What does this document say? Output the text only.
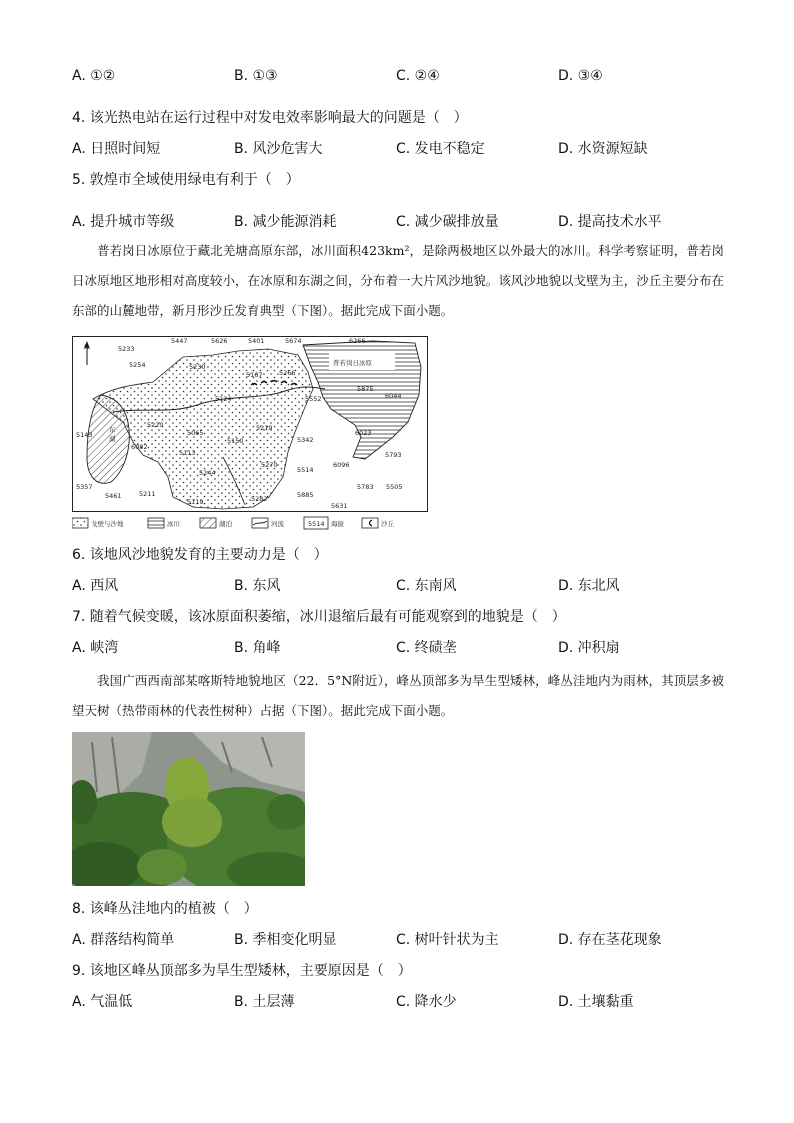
A. ①②	B. ①③	C. ②④	D. ③④
4. 该光热电站在运行过程中对发电效率影响最大的问题是（　）
A. 日照时间短	B. 风沙危害大	C. 发电不稳定	D. 水资源短缺
5. 敦煌市全域使用绿电有利于（　）
A. 提升城市等级	B. 减少能源消耗	C. 减少碳排放量	D. 提高技术水平
普若岗日冰原位于藏北羌塘高原东部，冰川面积423km²，是除两极地区以外最大的冰川。科学考察证明，普若岗日冰原地区地形相对高度较小，在冰原和东湖之间，分布着一大片风沙地貌。该风沙地貌以戈壁为主，沙丘主要分布在东部的山麓地带，新月形沙丘发育典型（下图）。据此完成下面小题。
N
东
湖
普若岗日冰原
5447	5626	5401	5674
5233
5254	5230
5167	5266
6266
5143
6082
5124	5552
5875
5220
5065
5219
5342
6044
5150
6023
5113	5793
5244
5270
5514
5357
5461	5211
5119	5282	5885
5783 5505
5631
6096
戈壁与沙地	冰川	湖泊	河流	5514 海拔	沙丘
6. 该地风沙地貌发育的主要动力是（　）
A. 西风	B. 东风	C. 东南风	D. 东北风
7. 随着气候变暖，该冰原面积萎缩，冰川退缩后最有可能观察到的地貌是（　）
A. 峡湾	B. 角峰	C. 终碛垄	D. 冲积扇
我国广西西南部某喀斯特地貌地区（22．5°N附近），峰丛顶部多为旱生型矮林，峰丛洼地内为雨林，其顶层多被望天树（热带雨林的代表性树种）占据（下图）。据此完成下面小题。
8. 该峰丛洼地内的植被（　）
A. 群落结构简单	B. 季相变化明显	C. 树叶针状为主	D. 存在茎花现象
9. 该地区峰丛顶部多为旱生型矮林，主要原因是（　）
A. 气温低	B. 土层薄	C. 降水少	D. 土壤黏重
